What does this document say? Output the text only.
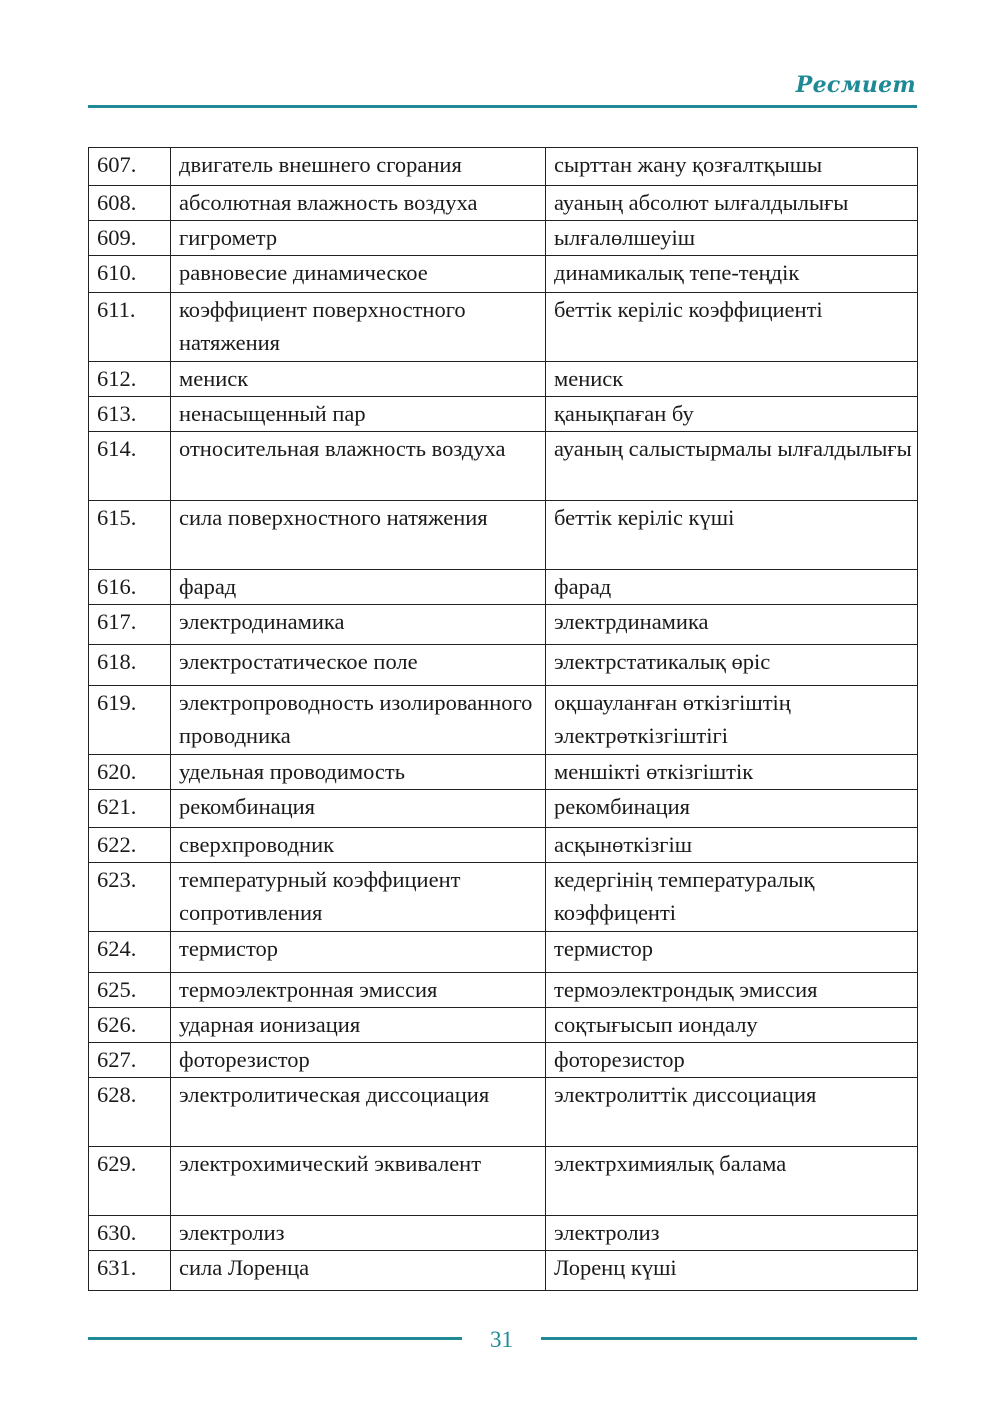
Ресмиет
607.	двигатель внешнего сгорания	сырттан жану қозғалтқышы
608.	абсолютная влажность воздуха	ауаның абсолют ылғалдылығы
609.	гигрометр	ылғалөлшеуіш
610.	равновесие динамическое	динамикалық тепе-теңдік
611.	коэффициент поверхностного натяжения	беттік керіліс коэффициенті
612.	мениск	мениск
613.	ненасыщенный пар	қанықпаған бу
614.	относительная влажность воздуха	ауаның салыстырмалы ылғалдылығы
615.	сила поверхностного натяжения	беттік керіліс күші
616.	фарад	фарад
617.	электродинамика	электрдинамика
618.	электростатическое поле	электрстатикалық өріс
619.	электропроводность изолированного проводника	оқшауланған өткізгіштің электрөткізгіштігі
620.	удельная проводимость	меншікті өткізгіштік
621.	рекомбинация	рекомбинация
622.	сверхпроводник	асқынөткізгіш
623.	температурный коэффициент сопротивления	кедергінің температуралық коэффиценті
624.	термистор	термистор
625.	термоэлектронная эмиссия	термоэлектрондық эмиссия
626.	ударная ионизация	соқтығысып иондалу
627.	фоторезистор	фоторезистор
628.	электролитическая диссоциация	электролиттік диссоциация
629.	электрохимический эквивалент	электрхимиялық балама
630.	электролиз	электролиз
631.	сила Лоренца	Лоренц күші
31
